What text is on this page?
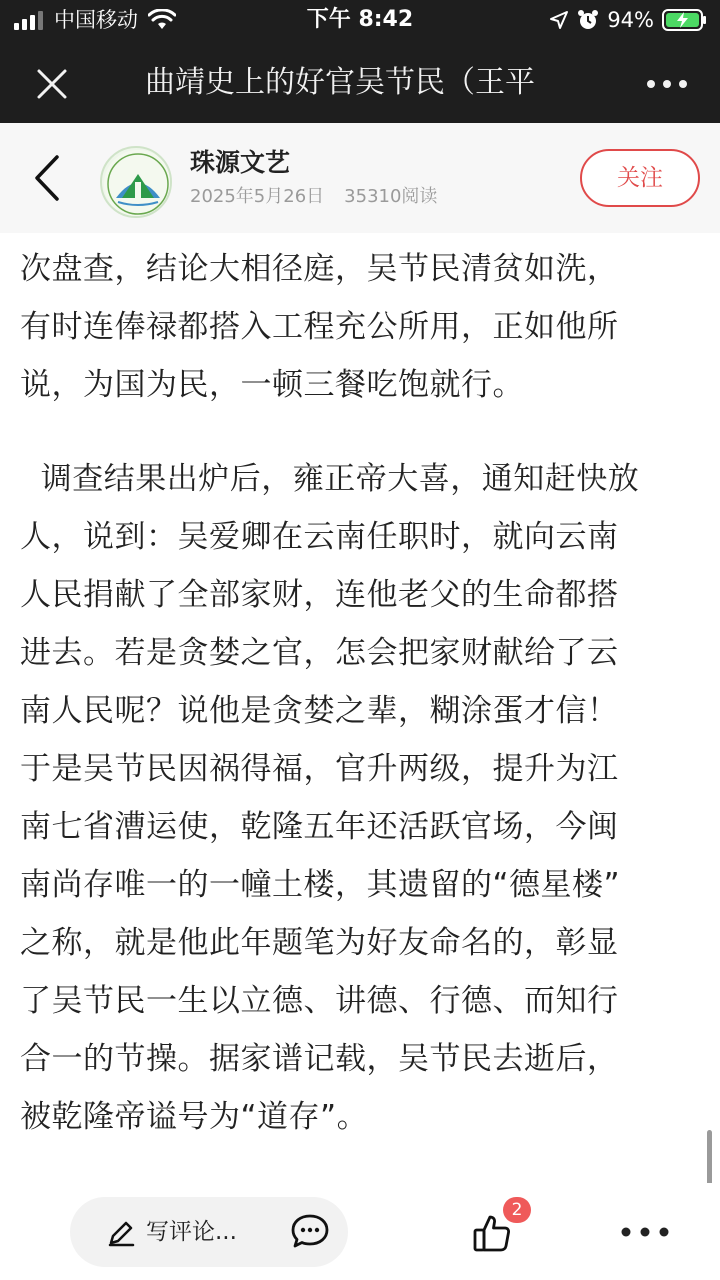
中国移动	下午 8:42	94%
曲靖史上的好官吴节民（王平
珠源文艺
2025年5月26日 35310阅读
关注

次盘查，结论大相径庭，吴节民清贫如洗，
有时连俸禄都搭入工程充公所用，正如他所
说，为国为民，一顿三餐吃饱就行。

调查结果出炉后，雍正帝大喜，通知赶快放
人，说到：吴爱卿在云南任职时，就向云南
人民捐献了全部家财，连他老父的生命都搭
进去。若是贪婪之官，怎会把家财献给了云
南人民呢？说他是贪婪之辈，糊涂蛋才信！
于是吴节民因祸得福，官升两级，提升为江
南七省漕运使，乾隆五年还活跃官场，今闽
南尚存唯一的一幢土楼，其遗留的“德星楼”
之称，就是他此年题笔为好友命名的，彰显
了吴节民一生以立德、讲德、行德、而知行
合一的节操。据家谱记载，吴节民去逝后，
被乾隆帝谥号为“道存”。

写评论...
2
